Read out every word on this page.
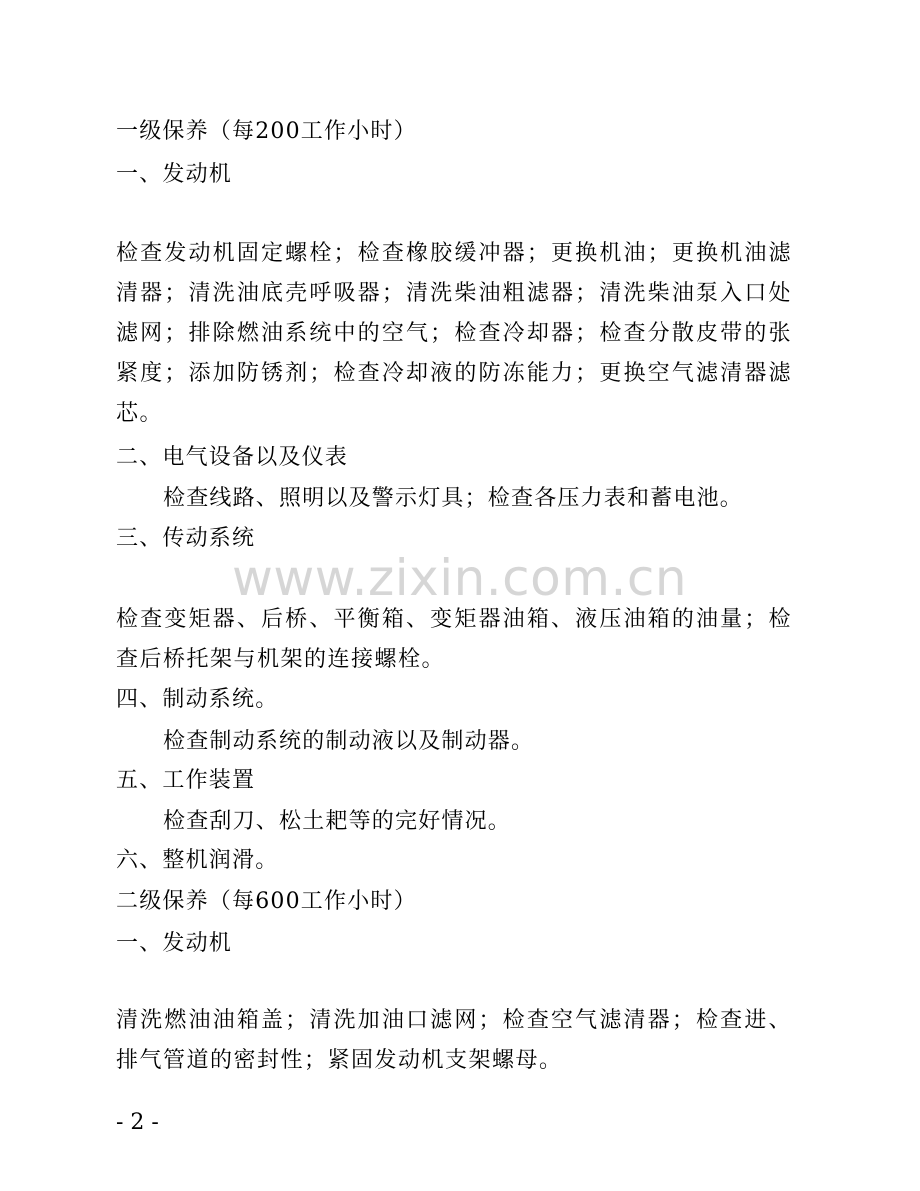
一级保养（每200工作小时）
一、发动机
检查发动机固定螺栓；检查橡胶缓冲器；更换机油；更换机油滤清器；清洗油底壳呼吸器；清洗柴油粗滤器；清洗柴油泵入口处滤网；排除燃油系统中的空气；检查冷却器；检查分散皮带的张紧度；添加防锈剂；检查冷却液的防冻能力；更换空气滤清器滤芯。
二、电气设备以及仪表
检查线路、照明以及警示灯具；检查各压力表和蓄电池。
三、传动系统
www.zixin.com.cn
检查变矩器、后桥、平衡箱、变矩器油箱、液压油箱的油量；检查后桥托架与机架的连接螺栓。
四、制动系统。
检查制动系统的制动液以及制动器。
五、工作装置
检查刮刀、松土耙等的完好情况。
六、整机润滑。
二级保养（每600工作小时）
一、发动机
清洗燃油油箱盖；清洗加油口滤网；检查空气滤清器；检查进、排气管道的密封性；紧固发动机支架螺母。
- 2 -
